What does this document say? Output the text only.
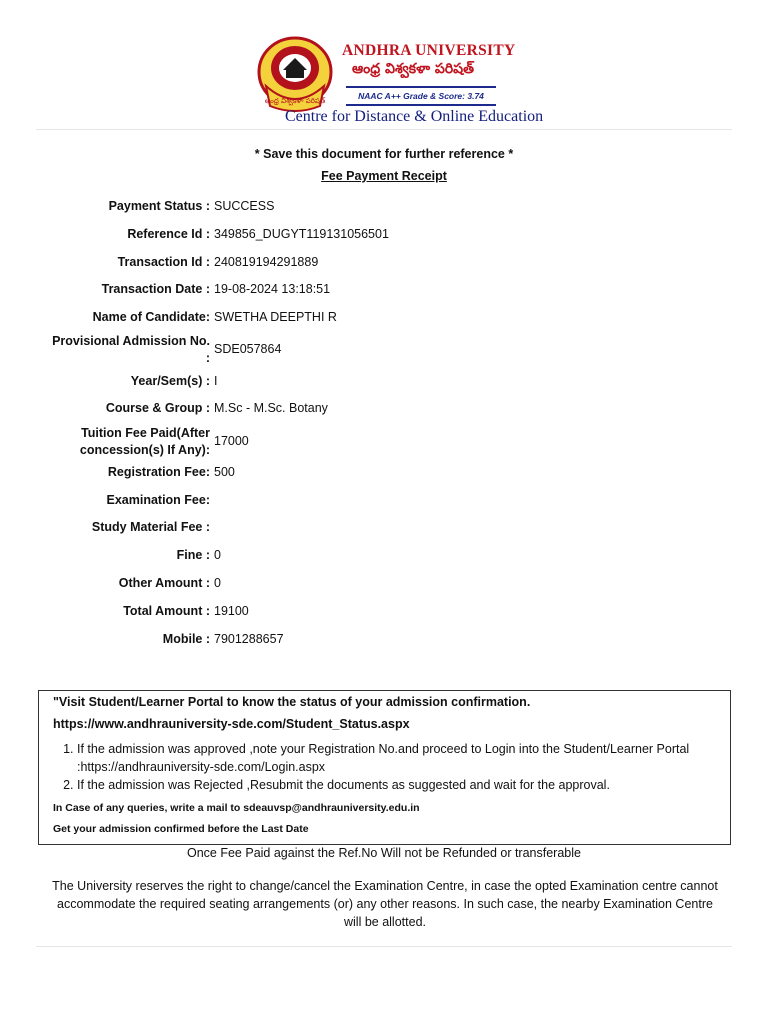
ఆంధ్ర విశ్వకళా పరిషత్
ANDHRA UNIVERSITY
ఆంధ్ర విశ్వకళా పరిషత్
NAAC A++ Grade & Score: 3.74
Centre for Distance & Online Education
* Save this document for further reference *
Fee Payment Receipt
Payment Status : SUCCESS
Reference Id : 349856_DUGYT119131056501
Transaction Id : 240819194291889
Transaction Date : 19-08-2024 13:18:51
Name of Candidate: SWETHA DEEPTHI R
Provisional Admission No. :
SDE057864
Year/Sem(s) : I
Course & Group : M.Sc - M.Sc. Botany
Tuition Fee Paid(After concession(s) If Any):
17000
Registration Fee: 500
Examination Fee:
Study Material Fee :
Fine : 0
Other Amount : 0
Total Amount : 19100
Mobile : 7901288657
"Visit Student/Learner Portal to know the status of your admission confirmation.
https://www.andhrauniversity-sde.com/Student_Status.aspx
1. If the admission was approved ,note your Registration No.and proceed to Login into the Student/Learner Portal :https://andhrauniversity-sde.com/Login.aspx
2. If the admission was Rejected ,Resubmit the documents as suggested and wait for the approval.
In Case of any queries, write a mail to sdeauvsp@andhrauniversity.edu.in
Get your admission confirmed before the Last Date
Once Fee Paid against the Ref.No Will not be Refunded or transferable
The University reserves the right to change/cancel the Examination Centre, in case the opted Examination centre cannot accommodate the required seating arrangements (or) any other reasons. In such case, the nearby Examination Centre will be allotted.
